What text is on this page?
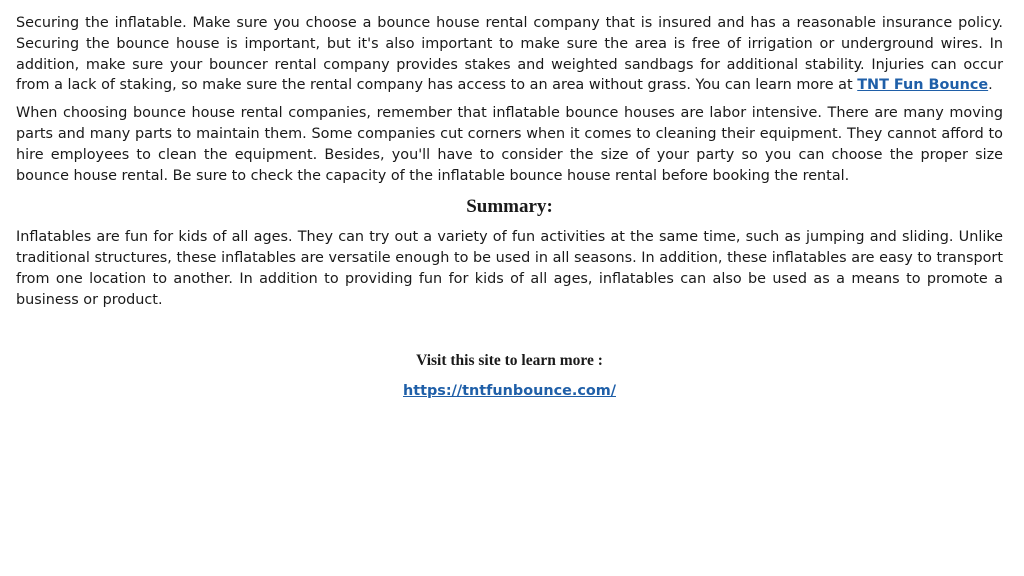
Securing the inflatable. Make sure you choose a bounce house rental company that is insured and has a reasonable insurance policy. Securing the bounce house is important, but it's also important to make sure the area is free of irrigation or underground wires. In addition, make sure your bouncer rental company provides stakes and weighted sandbags for additional stability. Injuries can occur from a lack of staking, so make sure the rental company has access to an area without grass. You can learn more at TNT Fun Bounce.

When choosing bounce house rental companies, remember that inflatable bounce houses are labor intensive. There are many moving parts and many parts to maintain them. Some companies cut corners when it comes to cleaning their equipment. They cannot afford to hire employees to clean the equipment. Besides, you'll have to consider the size of your party so you can choose the proper size bounce house rental. Be sure to check the capacity of the inflatable bounce house rental before booking the rental.

Summary:

Inflatables are fun for kids of all ages. They can try out a variety of fun activities at the same time, such as jumping and sliding. Unlike traditional structures, these inflatables are versatile enough to be used in all seasons. In addition, these inflatables are easy to transport from one location to another. In addition to providing fun for kids of all ages, inflatables can also be used as a means to promote a business or product.

Visit this site to learn more :
https://tntfunbounce.com/
